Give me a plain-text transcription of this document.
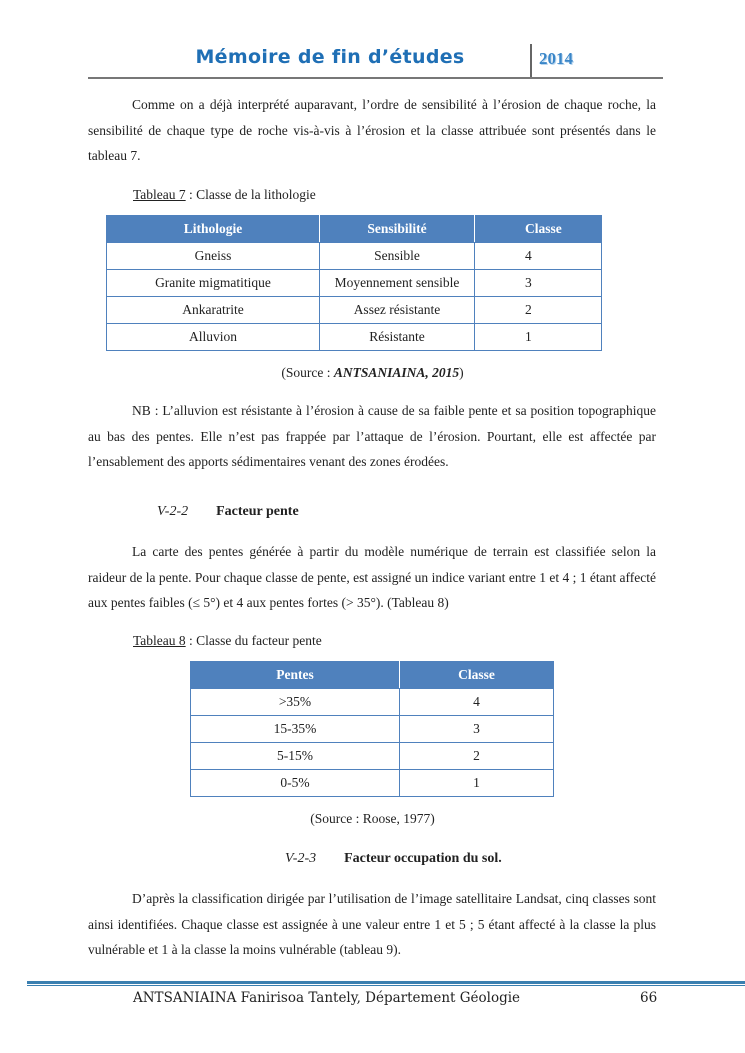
Mémoire de fin d’études	2014

Comme on a déjà interprété auparavant, l’ordre de sensibilité à l’érosion de chaque roche, la sensibilité de chaque type de roche vis-à-vis à l’érosion et la classe attribuée sont présentés dans le tableau 7.

Tableau 7 : Classe de la lithologie

Lithologie	Sensibilité	Classe
Gneiss	Sensible	4
Granite migmatitique	Moyennement sensible	3
Ankaratrite	Assez résistante	2
Alluvion	Résistante	1

(Source : ANTSANIAINA, 2015)

NB : L’alluvion est résistante à l’érosion à cause de sa faible pente et sa position topographique au bas des pentes. Elle n’est pas frappée par l’attaque de l’érosion. Pourtant, elle est affectée par l’ensablement des apports sédimentaires venant des zones érodées.

V-2-2 Facteur pente

La carte des pentes générée à partir du modèle numérique de terrain est classifiée selon la raideur de la pente. Pour chaque classe de pente, est assigné un indice variant entre 1 et 4 ; 1 étant affecté aux pentes faibles (≤ 5°) et 4 aux pentes fortes (> 35°). (Tableau 8)

Tableau 8 : Classe du facteur pente

Pentes	Classe
>35%	4
15-35%	3
5-15%	2
0-5%	1

(Source : Roose, 1977)

V-2-3 Facteur occupation du sol.

D’après la classification dirigée par l’utilisation de l’image satellitaire Landsat, cinq classes sont ainsi identifiées. Chaque classe est assignée à une valeur entre 1 et 5 ; 5 étant affecté à la classe la plus vulnérable et 1 à la classe la moins vulnérable (tableau 9).

ANTSANIAINA Fanirisoa Tantely, Département Géologie	66
